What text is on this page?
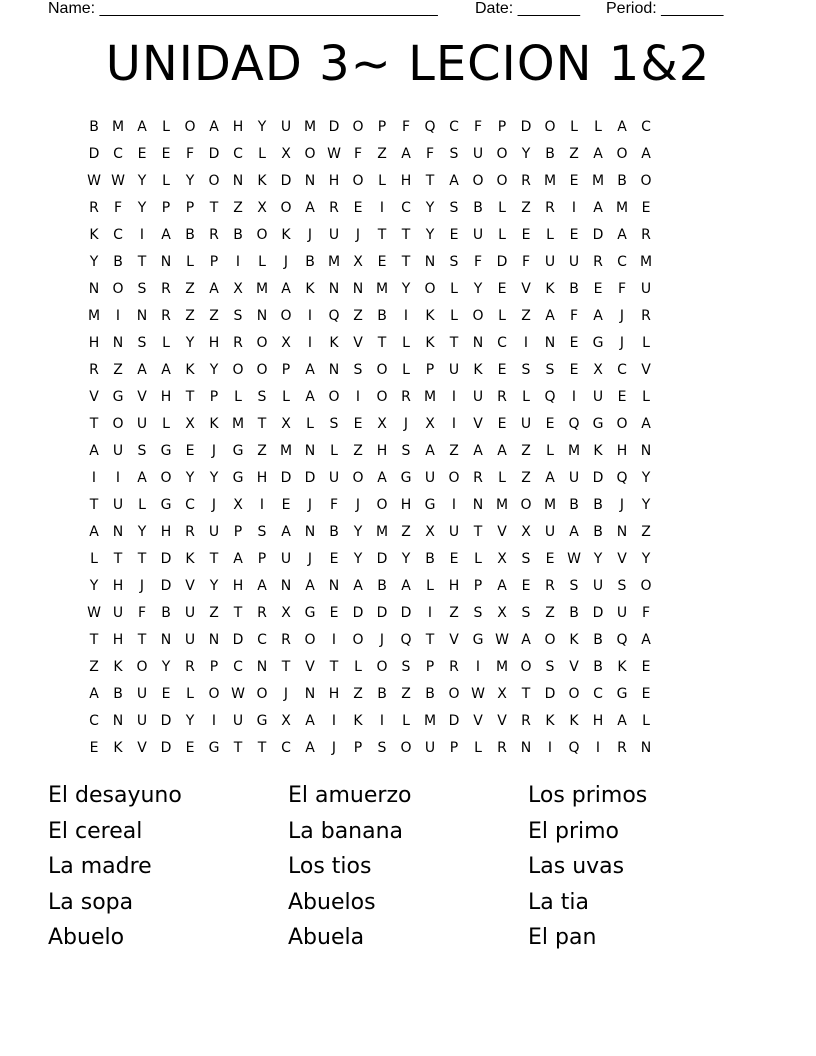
Name: ______________________________________ Date: _______ Period: _______
UNIDAD 3~ LECION 1&2
B M A	L	O A H	Y	U M D O	P	F	Q C	F	P	D O	L	L	A	C
D C	E	E	F	D C	L	X O W F	Z	A	F	S	U O	Y	B	Z	A O A
W W Y	L	Y	O N	K	D N H O	L	H	T	A O O R M E M B O
R	F	Y	P	P	T	Z	X O A	R	E	I	C	Y	S	B	L	Z	R	I	A M E
K	C	I	A	B	R	B O K	J	U	J	T	T	Y	E	U	L	E	L	E	D A	R
Y	B	T	N	L	P	I	L	J	B M X	E	T	N	S	F	D	F	U U	R	C M
N O	S	R	Z	A	X M A	K	N N M Y	O	L	Y	E	V	K	B	E	F	U
M	I	N R	Z	Z	S	N O	I	Q Z	B	I	K	L	O	L	Z	A	F	A	J	R
H N	S	L	Y	H R O X	I	K	V	T	L	K	T	N C	I	N	E	G	J	L
R	Z	A	A	K	Y	O O	P	A N	S	O	L	P	U	K	E	S	S	E	X	C	V
V G V H	T	P	L	S	L	A O	I	O R M	I	U	R	L	Q	I	U	E	L
T	O U	L	X	K M T	X	L	S	E	X	J	X	I	V	E	U	E	Q G O A
A	U	S	G	E	J	G Z M N	L	Z H	S	A	Z	A	A	Z	L	M K	H N
I	I	A O	Y	Y	G H D D U O A G U O R	L	Z	A	U D Q	Y
T	U	L	G C	J	X	I	E	J	F	J	O H G	I	N M O M B	B	J	Y
A N	Y	H R	U	P	S	A N B	Y M Z	X	U	T	V	X	U	A	B N Z
L	T	T	D	K	T	A	P	U	J	E	Y	D	Y	B	E	L	X	S	E W Y	V	Y
Y	H	J	D V	Y	H A N A N A	B	A	L	H	P	A	E	R	S	U	S	O
W U	F	B	U	Z	T	R	X G	E	D D D	I	Z	S	X	S	Z	B D U	F
T	H	T	N U N D C	R O	I	O	J	Q	T	V G W A O K	B Q A
Z	K O	Y	R	P	C N	T	V	T	L	O	S	P	R	I	M O	S	V	B	K	E
A	B	U	E	L	O W O	J	N H Z	B	Z	B O W X	T	D O C G	E
C N U D	Y	I	U G X	A	I	K	I	L	M D V	V	R	K	K	H A	L
E	K	V D	E	G	T	T	C	A	J	P	S	O U	P	L	R N	I	Q	I	R N
El desayuno
El cereal
La madre
La sopa
Abuelo
El amuerzo
La banana
Los tios
Abuelos
Abuela
Los primos
El primo
Las uvas
La tia
El pan
